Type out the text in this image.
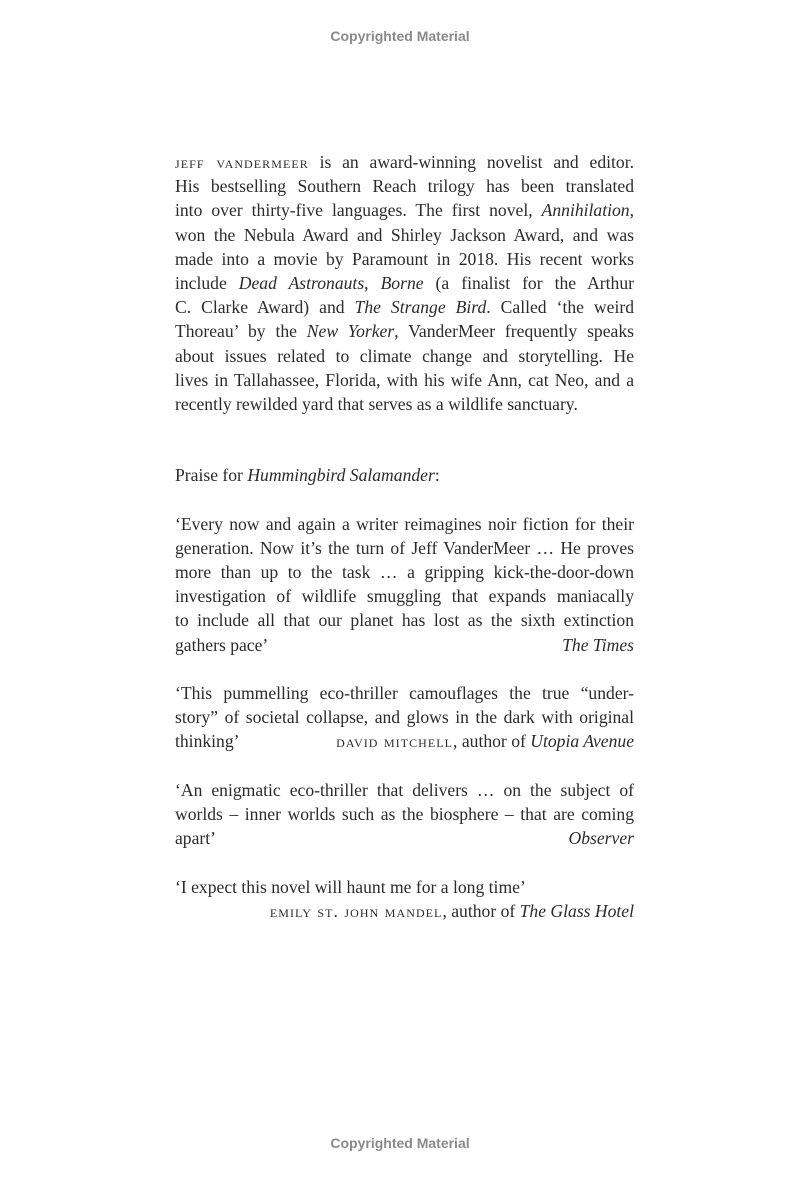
Copyrighted Material
jeff vandermeer is an award-winning novelist and editor.
His bestselling Southern Reach trilogy has been translated
into over thirty-five languages. The first novel, Annihilation,
won the Nebula Award and Shirley Jackson Award, and was
made into a movie by Paramount in 2018. His recent works
include Dead Astronauts, Borne (a finalist for the Arthur
C. Clarke Award) and The Strange Bird. Called ‘the weird
Thoreau’ by the New Yorker, VanderMeer frequently speaks
about issues related to climate change and storytelling. He
lives in Tallahassee, Florida, with his wife Ann, cat Neo, and a
recently rewilded yard that serves as a wildlife sanctuary.
Praise for Hummingbird Salamander:
‘Every now and again a writer reimagines noir fiction for their
generation. Now it’s the turn of Jeff VanderMeer … He proves
more than up to the task … a gripping kick-the-door-down
investigation of wildlife smuggling that expands maniacally
to include all that our planet has lost as the sixth extinction
gathers pace’	The Times
‘This pummelling eco-thriller camouflages the true “under-
story” of societal collapse, and glows in the dark with original
thinking’	david mitchell, author of Utopia Avenue
‘An enigmatic eco-thriller that delivers … on the subject of
worlds – inner worlds such as the biosphere – that are coming
apart’	Observer
‘I expect this novel will haunt me for a long time’
emily st. john mandel, author of The Glass Hotel
Copyrighted Material
